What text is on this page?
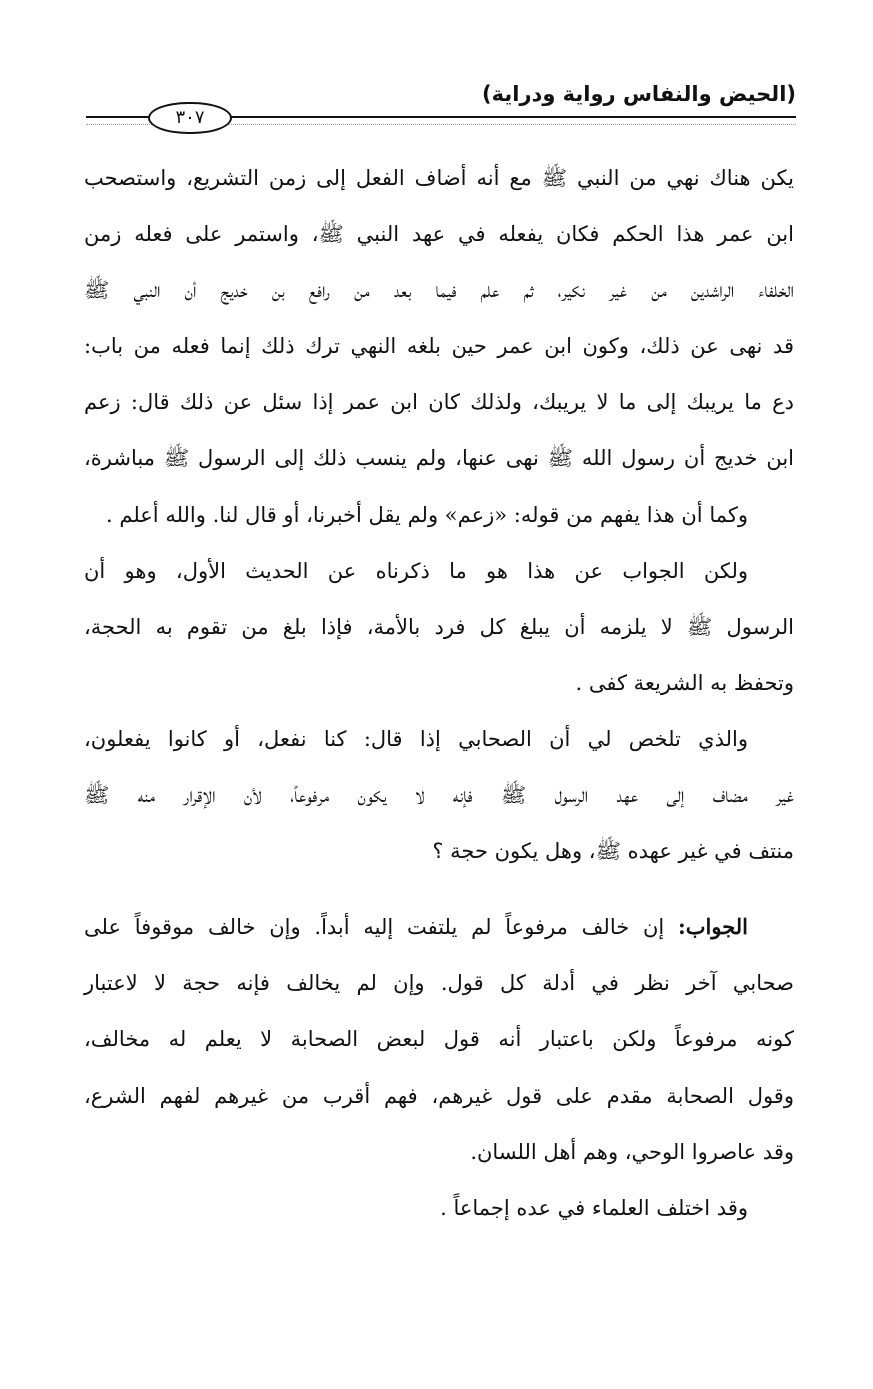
(الحيض والنفاس رواية ودراية)
٣٠٧
يكن هناك نهي من النبي ﷺ مع أنه أضاف الفعل إلى زمن التشريع، واستصحب
ابن عمر هذا الحكم فكان يفعله في عهد النبي ﷺ، واستمر على فعله زمن
الخلفاء الراشدين من غير نكير، ثم علم فيما بعد من رافع بن خديج أن النبي ﷺ
قد نهى عن ذلك، وكون ابن عمر حين بلغه النهي ترك ذلك إنما فعله من باب:
دع ما يريبك إلى ما لا يريبك، ولذلك كان ابن عمر إذا سئل عن ذلك قال: زعم
ابن خديج أن رسول الله ﷺ نهى عنها، ولم ينسب ذلك إلى الرسول ﷺ مباشرة،
وكما أن هذا يفهم من قوله: «زعم» ولم يقل أخبرنا، أو قال لنا. والله أعلم .
ولكن الجواب عن هذا هو ما ذكرناه عن الحديث الأول، وهو أن
الرسول ﷺ لا يلزمه أن يبلغ كل فرد بالأمة، فإذا بلغ من تقوم به الحجة،
وتحفظ به الشريعة كفى .
والذي تلخص لي أن الصحابي إذا قال: كنا نفعل، أو كانوا يفعلون،
غير مضاف إلى عهد الرسول ﷺ فإنه لا يكون مرفوعاً، لأن الإقرار منه ﷺ
منتف في غير عهده ﷺ، وهل يكون حجة ؟
الجواب: إن خالف مرفوعاً لم يلتفت إليه أبداً. وإن خالف موقوفاً على
صحابي آخر نظر في أدلة كل قول. وإن لم يخالف فإنه حجة لا لاعتبار
كونه مرفوعاً ولكن باعتبار أنه قول لبعض الصحابة لا يعلم له مخالف،
وقول الصحابة مقدم على قول غيرهم، فهم أقرب من غيرهم لفهم الشرع،
وقد عاصروا الوحي، وهم أهل اللسان.
وقد اختلف العلماء في عده إجماعاً .
